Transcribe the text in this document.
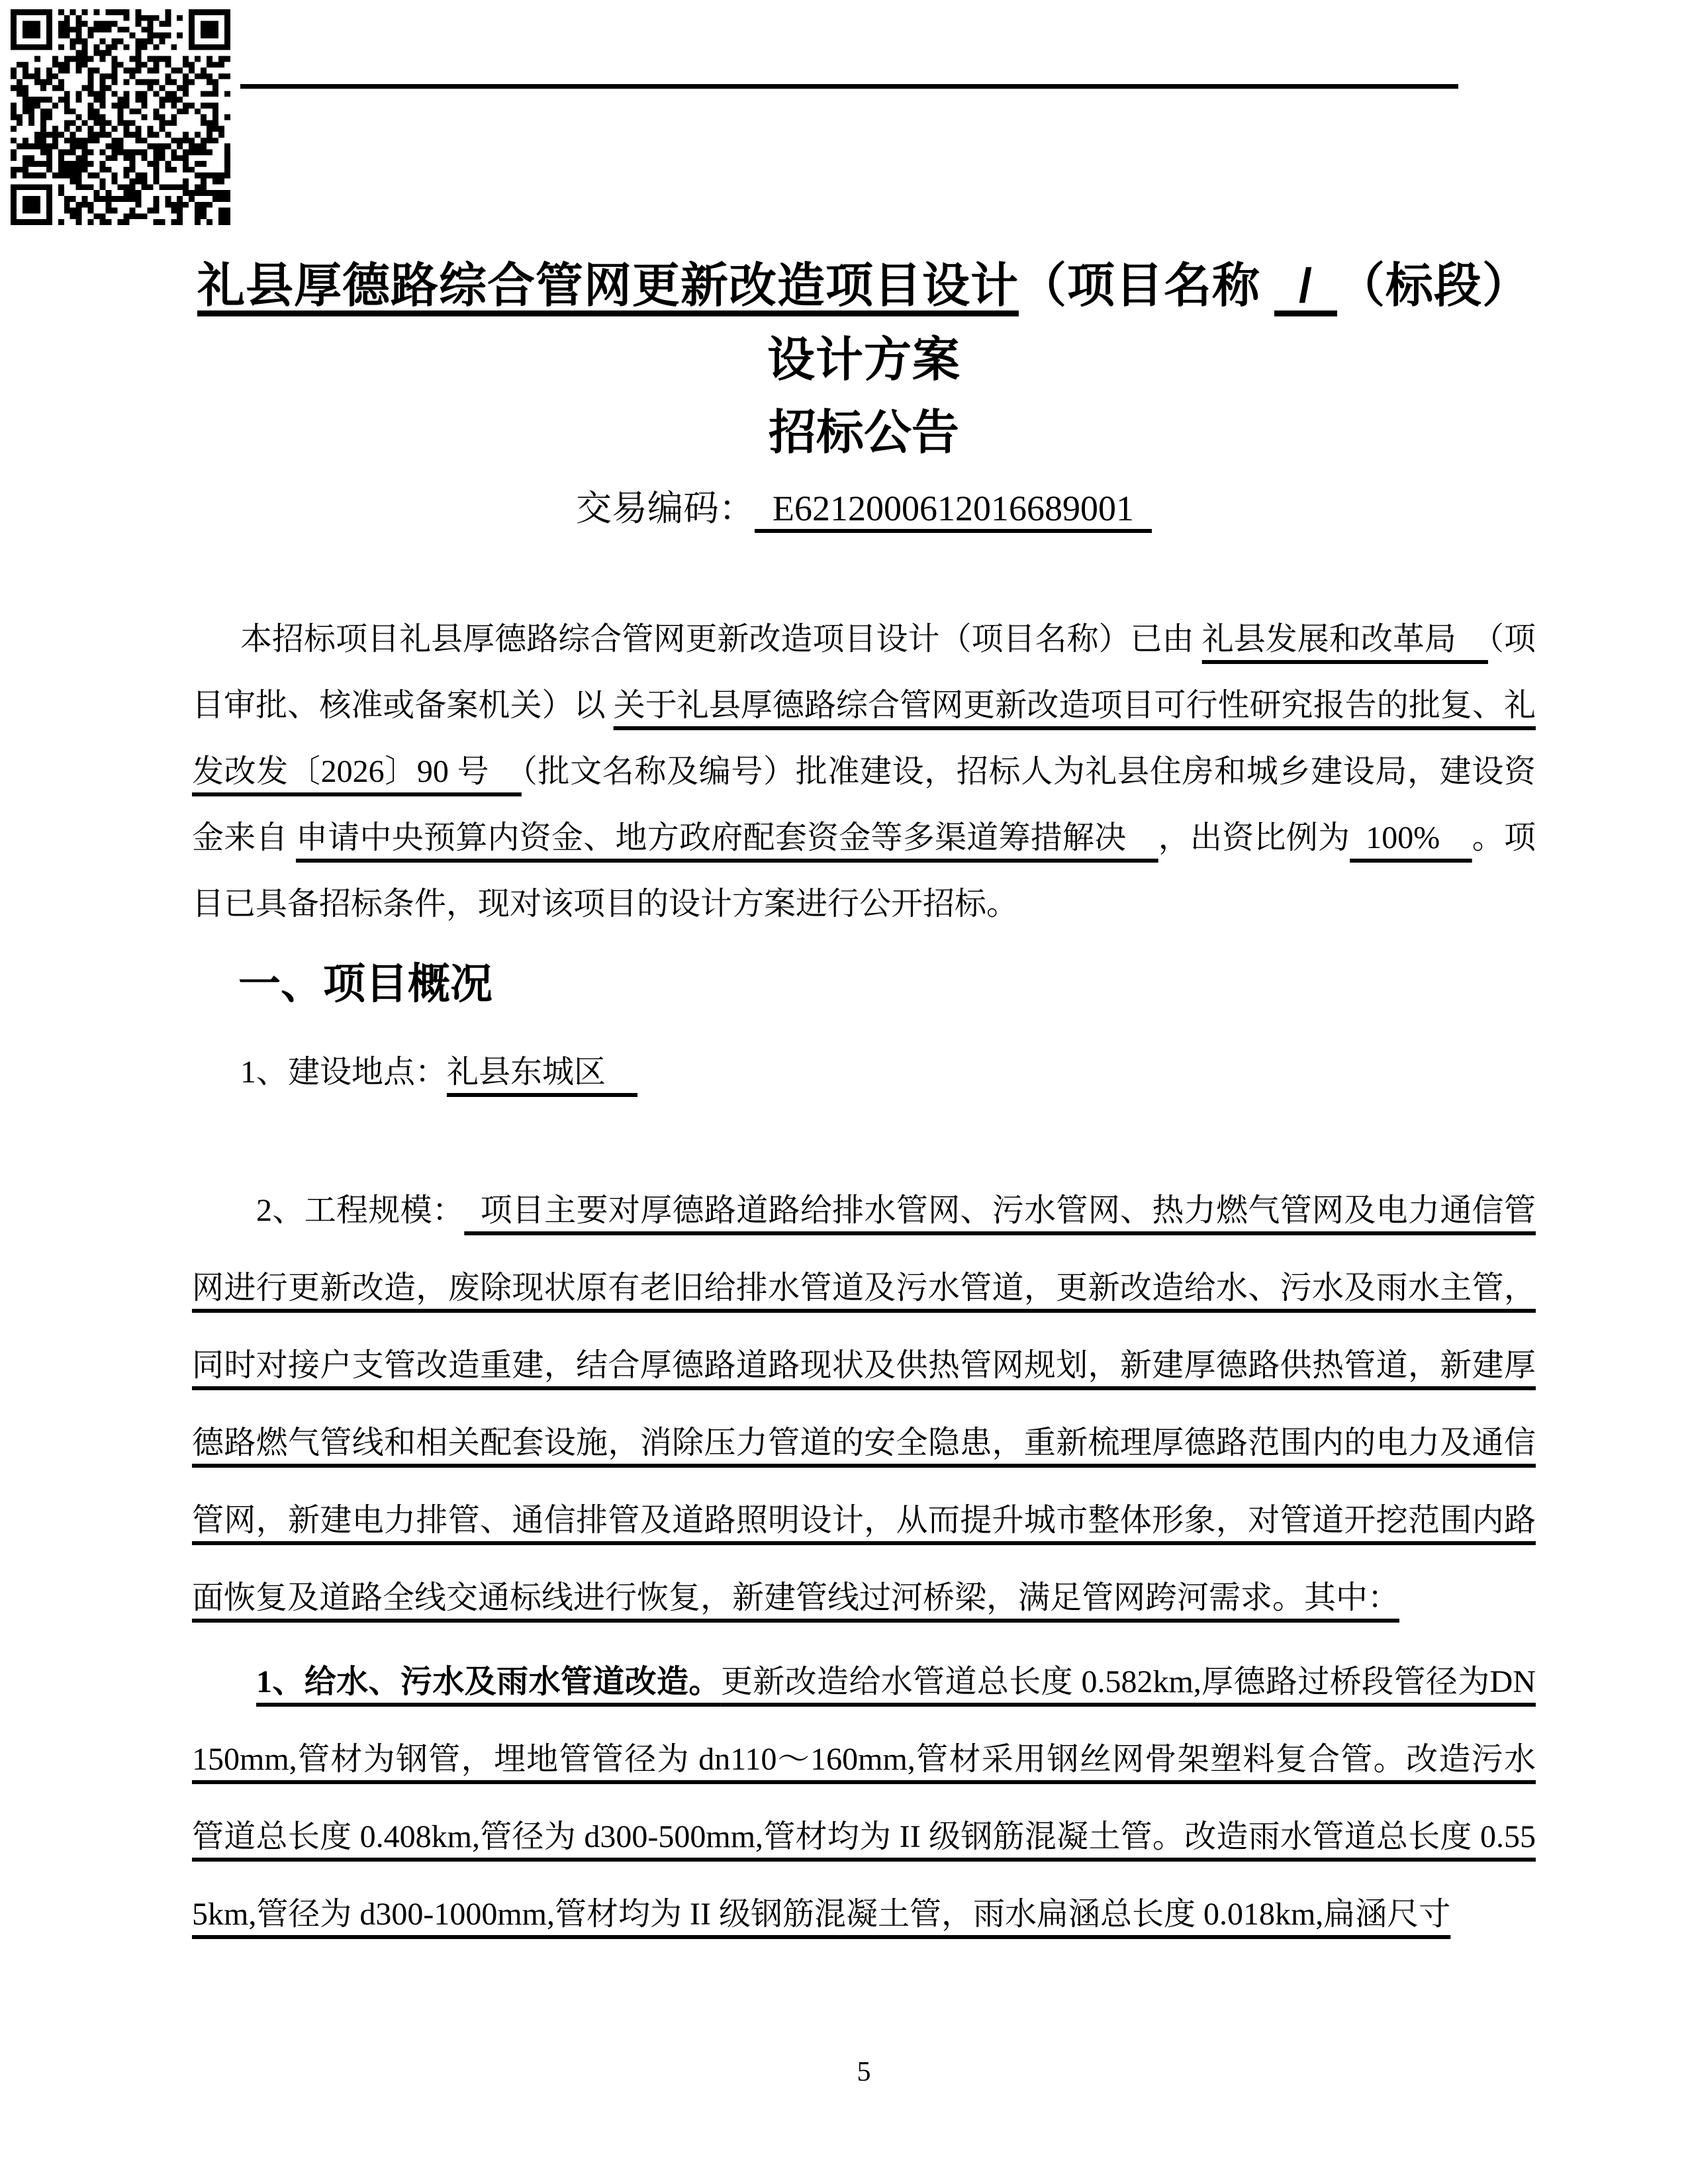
礼县厚德路综合管网更新改造项目设计（项目名称  / （标段）
设计方案
招标公告
交易编码： E6212000612016689001 
本招标项目礼县厚德路综合管网更新改造项目设计（项目名称）已由 礼县发展和改革局　（项目审批、核准或备案机关）以 关于礼县厚德路综合管网更新改造项目可行性研究报告的批复、礼发改发〔2026〕90 号　（批文名称及编号）批准建设，招标人为礼县住房和城乡建设局，建设资金来自 申请中央预算内资金、地方政府配套资金等多渠道筹措解决　，出资比例为 100%　。项目已具备招标条件，现对该项目的设计方案进行公开招标。
一、项目概况
1、建设地点：礼县东城区　
2、工程规模： 项目主要对厚德路道路给排水管网、污水管网、热力燃气管网及电力通信管网进行更新改造，废除现状原有老旧给排水管道及污水管道，更新改造给水、污水及雨水主管，同时对接户支管改造重建，结合厚德路道路现状及供热管网规划，新建厚德路供热管道，新建厚德路燃气管线和相关配套设施，消除压力管道的安全隐患，重新梳理厚德路范围内的电力及通信管网，新建电力排管、通信排管及道路照明设计，从而提升城市整体形象，对管道开挖范围内路面恢复及道路全线交通标线进行恢复，新建管线过河桥梁，满足管网跨河需求。其中：
1、给水、污水及雨水管道改造。更新改造给水管道总长度 0.582km,厚德路过桥段管径为DN150mm,管材为钢管，埋地管管径为 dn110～160mm,管材采用钢丝网骨架塑料复合管。改造污水管道总长度 0.408km,管径为 d300-500mm,管材均为 II 级钢筋混凝土管。改造雨水管道总长度 0.555km,管径为 d300-1000mm,管材均为 II 级钢筋混凝土管，雨水扁涵总长度 0.018km,扁涵尺寸
5
